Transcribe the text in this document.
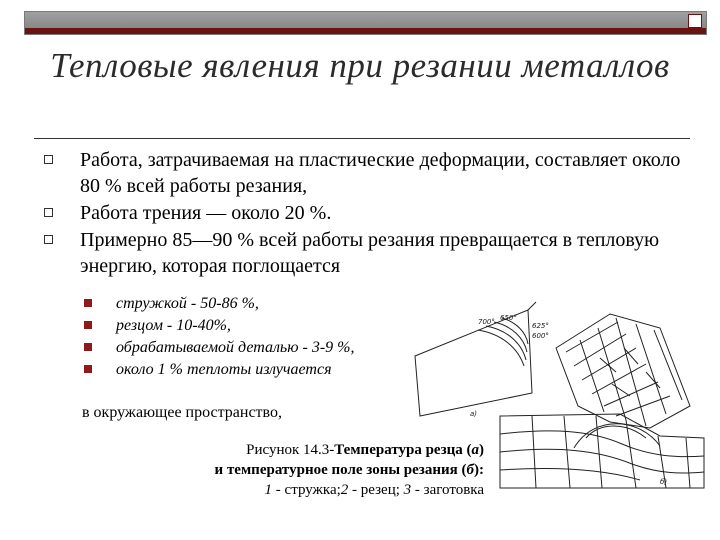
Тепловые явления при резании металлов
Работа, затрачиваемая на пластические деформации, составляет около 80 % всей работы резания,
Работа трения — около 20 %.
Примерно 85—90 % всей работы резания превращается в тепловую энергию, которая поглощается
стружкой - 50-86 %,
резцом - 10-40%,
обрабатываемой деталью - 3-9 %,
около 1 % теплоты излучается
в окружающее пространство,
700° 650°
625°
600°
а)
б)
Рисунок 14.3-Температура резца (а)
и температурное поле зоны резания (б):
1 - стружка;2 - резец; 3 - заготовка
